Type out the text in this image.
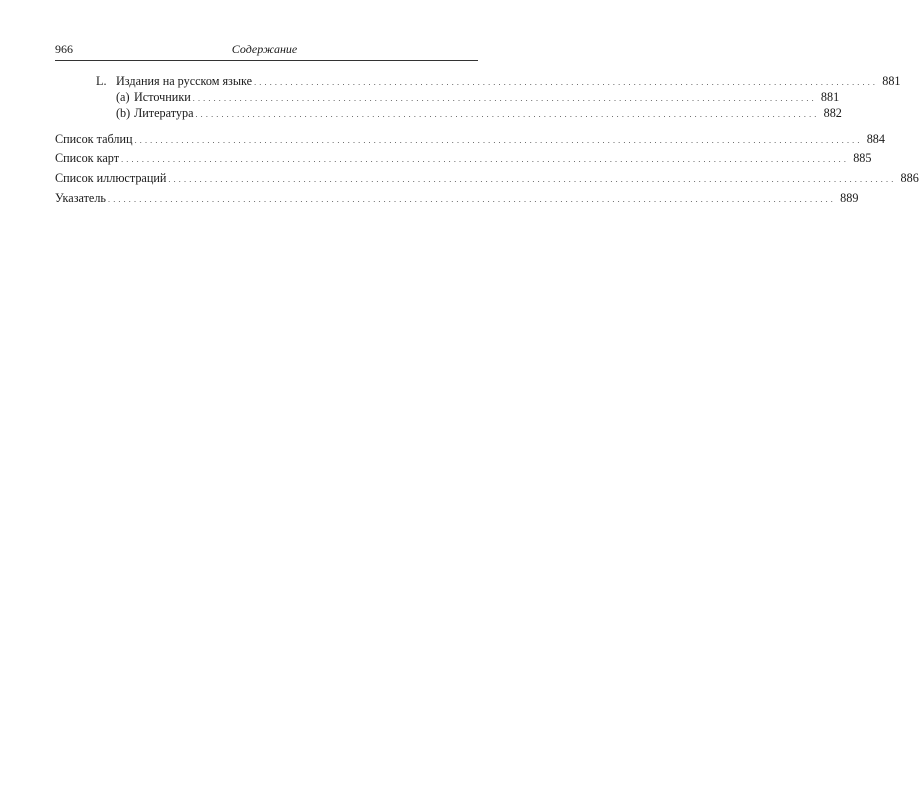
966	Содержание
L. Издания на русском языке . . . . . . . . . . . . . . . . . . . . . . . . . . . . . . . . . . . . . . . . . . . . . . . . . . . . . . . . . . . . . . . . . . . . . . . . . . . . . . . . . . . . . . . . . . . . . . . . . . . . . . . . . . . . . . . . . . . . . . . . 881
(a) Источники . . . . . . . . . . . . . . . . . . . . . . . . . . . . . . . . . . . . . . . . . . . . . . . . . . . . . . . . . . . . . . . . . . . . . . . . . . . . . . . . . . . . . . . . . . . . . . . . . . . . . . . . . . . . . . . . . . . . . . . . 881
(b) Литература . . . . . . . . . . . . . . . . . . . . . . . . . . . . . . . . . . . . . . . . . . . . . . . . . . . . . . . . . . . . . . . . . . . . . . . . . . . . . . . . . . . . . . . . . . . . . . . . . . . . . . . . . . . . . . . . . . . . . . . . 882
Список таблиц . . . . . . . . . . . . . . . . . . . . . . . . . . . . . . . . . . . . . . . . . . . . . . . . . . . . . . . . . . . . . . . . . . . . . . . . . . . . . . . . . . . . . . . . . . . . . . . . . . . . . . . . . . . . . . . . . . . . . . . . . . . . . . . . . . . . . . . . . . . . 884
Список карт . . . . . . . . . . . . . . . . . . . . . . . . . . . . . . . . . . . . . . . . . . . . . . . . . . . . . . . . . . . . . . . . . . . . . . . . . . . . . . . . . . . . . . . . . . . . . . . . . . . . . . . . . . . . . . . . . . . . . . . . . . . . . . . . . . . . . . . . . . . . 885
Список иллюстраций . . . . . . . . . . . . . . . . . . . . . . . . . . . . . . . . . . . . . . . . . . . . . . . . . . . . . . . . . . . . . . . . . . . . . . . . . . . . . . . . . . . . . . . . . . . . . . . . . . . . . . . . . . . . . . . . . . . . . . . . . . . . . . . . . . . . . . . . . . . . 886
Указатель . . . . . . . . . . . . . . . . . . . . . . . . . . . . . . . . . . . . . . . . . . . . . . . . . . . . . . . . . . . . . . . . . . . . . . . . . . . . . . . . . . . . . . . . . . . . . . . . . . . . . . . . . . . . . . . . . . . . . . . . . . . . . . . . . . . . . . . . . . . . 889
